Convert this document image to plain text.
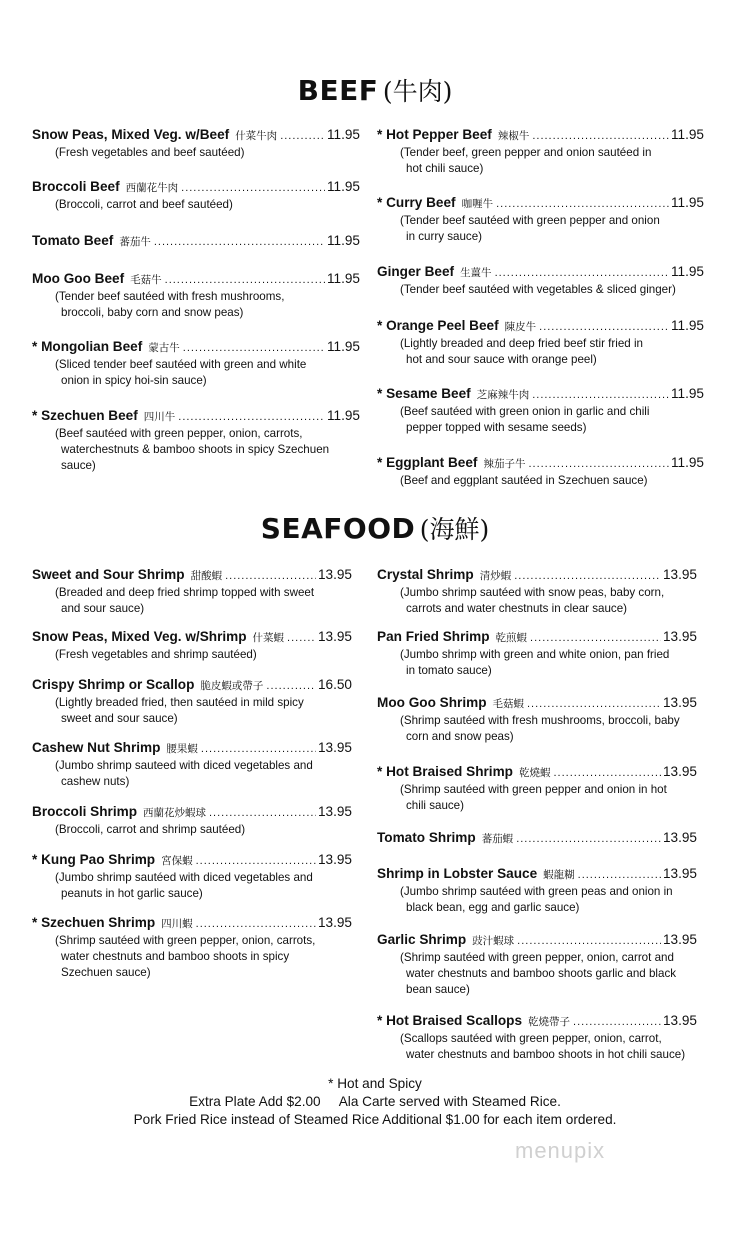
BEEF (牛肉)
Snow Peas, Mixed Veg. w/Beef 什菜牛肉 .....	11.95
(Fresh vegetables and beef sautéed)
Broccoli Beef 西蘭花牛肉 .....	11.95
(Broccoli, carrot and beef sautéed)
Tomato Beef 蕃茄牛 .....	11.95
Moo Goo Beef 毛菇牛 .....	11.95
(Tender beef sautéed with fresh mushrooms,
broccoli, baby corn and snow peas)
* Mongolian Beef 蒙古牛 .....	11.95
(Sliced tender beef sautéed with green and white
onion in spicy hoi-sin sauce)
* Szechuen Beef 四川牛 .....	11.95
(Beef sautéed with green pepper, onion, carrots,
waterchestnuts & bamboo shoots in spicy Szechuen sauce)
* Hot Pepper Beef 辣椒牛 .....	11.95
(Tender beef, green pepper and onion sautéed in
hot chili sauce)
* Curry Beef 咖喱牛 .....	11.95
(Tender beef sautéed with green pepper and onion
in curry sauce)
Ginger Beef 生薑牛 .....	11.95
(Tender beef sautéed with vegetables & sliced ginger)
* Orange Peel Beef 陳皮牛 .....	11.95
(Lightly breaded and deep fried beef stir fried in
hot and sour sauce with orange peel)
* Sesame Beef 芝麻辣牛肉 .....	11.95
(Beef sautéed with green onion in garlic and chili
pepper topped with sesame seeds)
* Eggplant Beef 辣茄子牛 .....	11.95
(Beef and eggplant sautéed in Szechuen sauce)
SEAFOOD (海鮮)
Sweet and Sour Shrimp 甜酸蝦 .....	13.95
(Breaded and deep fried shrimp topped with sweet
and sour sauce)
Snow Peas, Mixed Veg. w/Shrimp 什菜蝦 ..... 13.95
(Fresh vegetables and shrimp sautéed)
Crispy Shrimp or Scallop 脆皮蝦或帶子 .....	16.50
(Lightly breaded fried, then sautéed in mild spicy
sweet and sour sauce)
Cashew Nut Shrimp 腰果蝦 .....	13.95
(Jumbo shrimp sauteed with diced vegetables and
cashew nuts)
Broccoli Shrimp 西蘭花炒蝦球 .....	13.95
(Broccoli, carrot and shrimp sautéed)
* Kung Pao Shrimp 宮保蝦 .....	13.95
(Jumbo shrimp sautéed with diced vegetables and
peanuts in hot garlic sauce)
* Szechuen Shrimp 四川蝦 .....	13.95
(Shrimp sautéed with green pepper, onion, carrots,
water chestnuts and bamboo shoots in spicy
Szechuen sauce)
Crystal Shrimp 清炒蝦 .....	13.95
(Jumbo shrimp sautéed with snow peas, baby corn,
carrots and water chestnuts in clear sauce)
Pan Fried Shrimp 乾煎蝦 .....	13.95
(Jumbo shrimp with green and white onion, pan fried
in tomato sauce)
Moo Goo Shrimp 毛菇蝦 .....	13.95
(Shrimp sautéed with fresh mushrooms, broccoli, baby
corn and snow peas)
* Hot Braised Shrimp 乾燒蝦 .....	13.95
(Shrimp sautéed with green pepper and onion in hot
chili sauce)
Tomato Shrimp 蕃茄蝦 .....	13.95
Shrimp in Lobster Sauce 蝦龍糊 .....	13.95
(Jumbo shrimp sautéed with green peas and onion in
black bean, egg and garlic sauce)
Garlic Shrimp 豉汁蝦球 .....	13.95
(Shrimp sautéed with green pepper, onion, carrot and
water chestnuts and bamboo shoots garlic and black
bean sauce)
* Hot Braised Scallops 乾燒帶子 .....	13.95
(Scallops sautéed with green pepper, onion, carrot,
water chestnuts and bamboo shoots in hot chili sauce)
* Hot and Spicy
Extra Plate Add $2.00     Ala Carte served with Steamed Rice.
Pork Fried Rice instead of Steamed Rice Additional $1.00 for each item ordered.
menupix
